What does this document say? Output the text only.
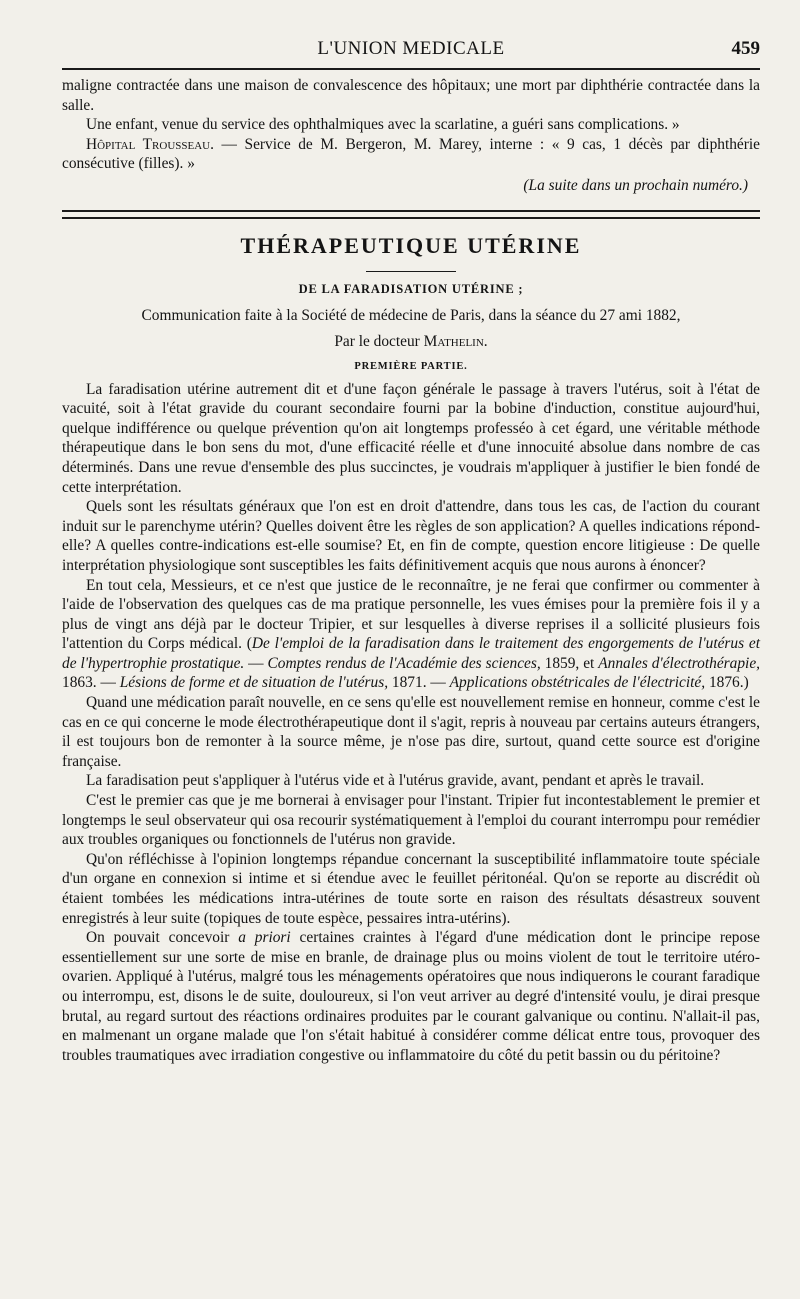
L'UNION MEDICALE	459

maligne contractée dans une maison de convalescence des hôpitaux; une mort par diphthérie contractée dans la salle.

Une enfant, venue du service des ophthalmiques avec la scarlatine, a guéri sans complications. »

Hôpital Trousseau. — Service de M. Bergeron, M. Marey, interne : « 9 cas, 1 décès par diphthérie consécutive (filles). »

(La suite dans un prochain numéro.)

THÉRAPEUTIQUE UTÉRINE
DE LA FARADISATION UTÉRINE ;
Communication faite à la Société de médecine de Paris, dans la séance du 27 ami 1882,
Par le docteur Mathelin.
PREMIÈRE PARTIE.

La faradisation utérine autrement dit et d'une façon générale le passage à travers l'utérus, soit à l'état de vacuité, soit à l'état gravide du courant secondaire fourni par la bobine d'induction, constitue aujourd'hui, quelque indifférence ou quelque prévention qu'on ait longtemps professéo à cet égard, une véritable méthode thérapeutique dans le bon sens du mot, d'une efficacité réelle et d'une innocuité absolue dans nombre de cas déterminés. Dans une revue d'ensemble des plus succinctes, je voudrais m'appliquer à justifier le bien fondé de cette interprétation.

Quels sont les résultats généraux que l'on est en droit d'attendre, dans tous les cas, de l'action du courant induit sur le parenchyme utérin? Quelles doivent être les règles de son application? A quelles indications répond-elle? A quelles contre-indications est-elle soumise? Et, en fin de compte, question encore litigieuse : De quelle interprétation physiologique sont susceptibles les faits définitivement acquis que nous aurons à énoncer?

En tout cela, Messieurs, et ce n'est que justice de le reconnaître, je ne ferai que confirmer ou commenter à l'aide de l'observation des quelques cas de ma pratique personnelle, les vues émises pour la première fois il y a plus de vingt ans déjà par le docteur Tripier, et sur lesquelles à diverse reprises il a sollicité plusieurs fois l'attention du Corps médical. (De l'emploi de la faradisation dans le traitement des engorgements de l'utérus et de l'hypertrophie prostatique. — Comptes rendus de l'Académie des sciences, 1859, et Annales d'électrothérapie, 1863. — Lésions de forme et de situation de l'utérus, 1871. — Applications obstétricales de l'électricité, 1876.)

Quand une médication paraît nouvelle, en ce sens qu'elle est nouvellement remise en honneur, comme c'est le cas en ce qui concerne le mode électrothérapeutique dont il s'agit, repris à nouveau par certains auteurs étrangers, il est toujours bon de remonter à la source même, je n'ose pas dire, surtout, quand cette source est d'origine française.

La faradisation peut s'appliquer à l'utérus vide et à l'utérus gravide, avant, pendant et après le travail.

C'est le premier cas que je me bornerai à envisager pour l'instant. Tripier fut incontestablement le premier et longtemps le seul observateur qui osa recourir systématiquement à l'emploi du courant interrompu pour remédier aux troubles organiques ou fonctionnels de l'utérus non gravide.

Qu'on réfléchisse à l'opinion longtemps répandue concernant la susceptibilité inflammatoire toute spéciale d'un organe en connexion si intime et si étendue avec le feuillet péritonéal. Qu'on se reporte au discrédit où étaient tombées les médications intra-utérines de toute sorte en raison des résultats désastreux souvent enregistrés à leur suite (topiques de toute espèce, pessaires intra-utérins).

On pouvait concevoir a priori certaines craintes à l'égard d'une médication dont le principe repose essentiellement sur une sorte de mise en branle, de drainage plus ou moins violent de tout le territoire utéro-ovarien. Appliqué à l'utérus, malgré tous les ménagements opératoires que nous indiquerons le courant faradique ou interrompu, est, disons le de suite, douloureux, si l'on veut arriver au degré d'intensité voulu, je dirai presque brutal, au regard surtout des réactions ordinaires produites par le courant galvanique ou continu. N'allait-il pas, en malmenant un organe malade que l'on s'était habitué à considérer comme délicat entre tous, provoquer des troubles traumatiques avec irradiation congestive ou inflammatoire du côté du petit bassin ou du péritoine?
